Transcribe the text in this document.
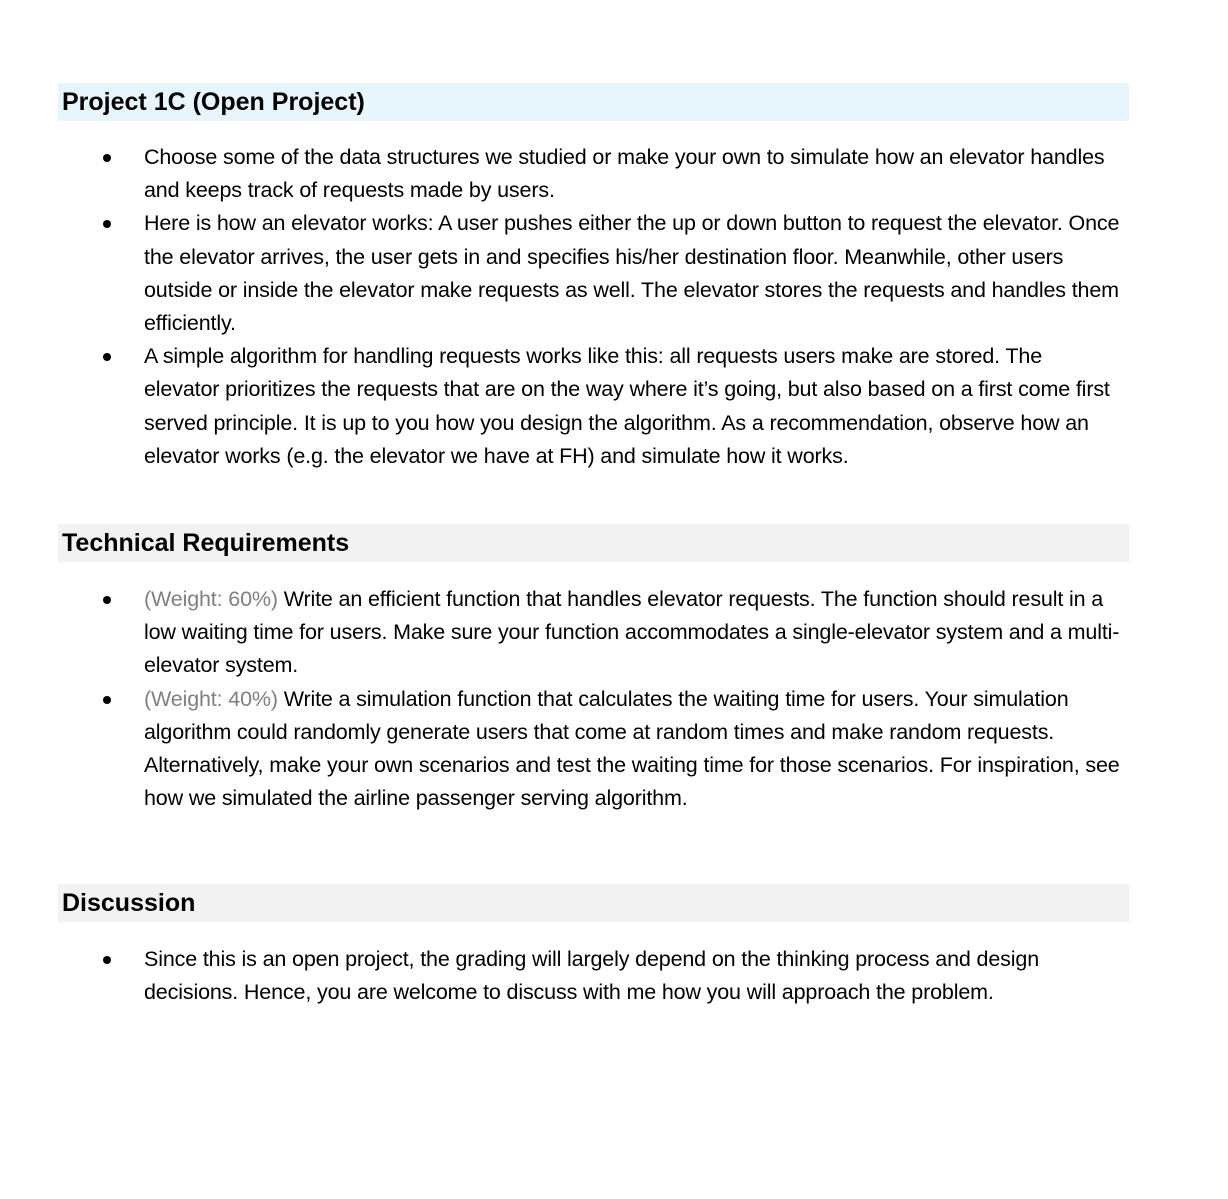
Project 1C (Open Project)
Choose some of the data structures we studied or make your own to simulate how an elevator handles and keeps track of requests made by users.
Here is how an elevator works: A user pushes either the up or down button to request the elevator. Once the elevator arrives, the user gets in and specifies his/her destination floor. Meanwhile, other users outside or inside the elevator make requests as well. The elevator stores the requests and handles them efficiently.
A simple algorithm for handling requests works like this: all requests users make are stored. The elevator prioritizes the requests that are on the way where it’s going, but also based on a first come first served principle. It is up to you how you design the algorithm. As a recommendation, observe how an elevator works (e.g. the elevator we have at FH) and simulate how it works.
Technical Requirements
(Weight: 60%) Write an efficient function that handles elevator requests. The function should result in a low waiting time for users. Make sure your function accommodates a single-elevator system and a multi-elevator system.
(Weight: 40%) Write a simulation function that calculates the waiting time for users. Your simulation algorithm could randomly generate users that come at random times and make random requests. Alternatively, make your own scenarios and test the waiting time for those scenarios. For inspiration, see how we simulated the airline passenger serving algorithm.
Discussion
Since this is an open project, the grading will largely depend on the thinking process and design decisions. Hence, you are welcome to discuss with me how you will approach the problem.
